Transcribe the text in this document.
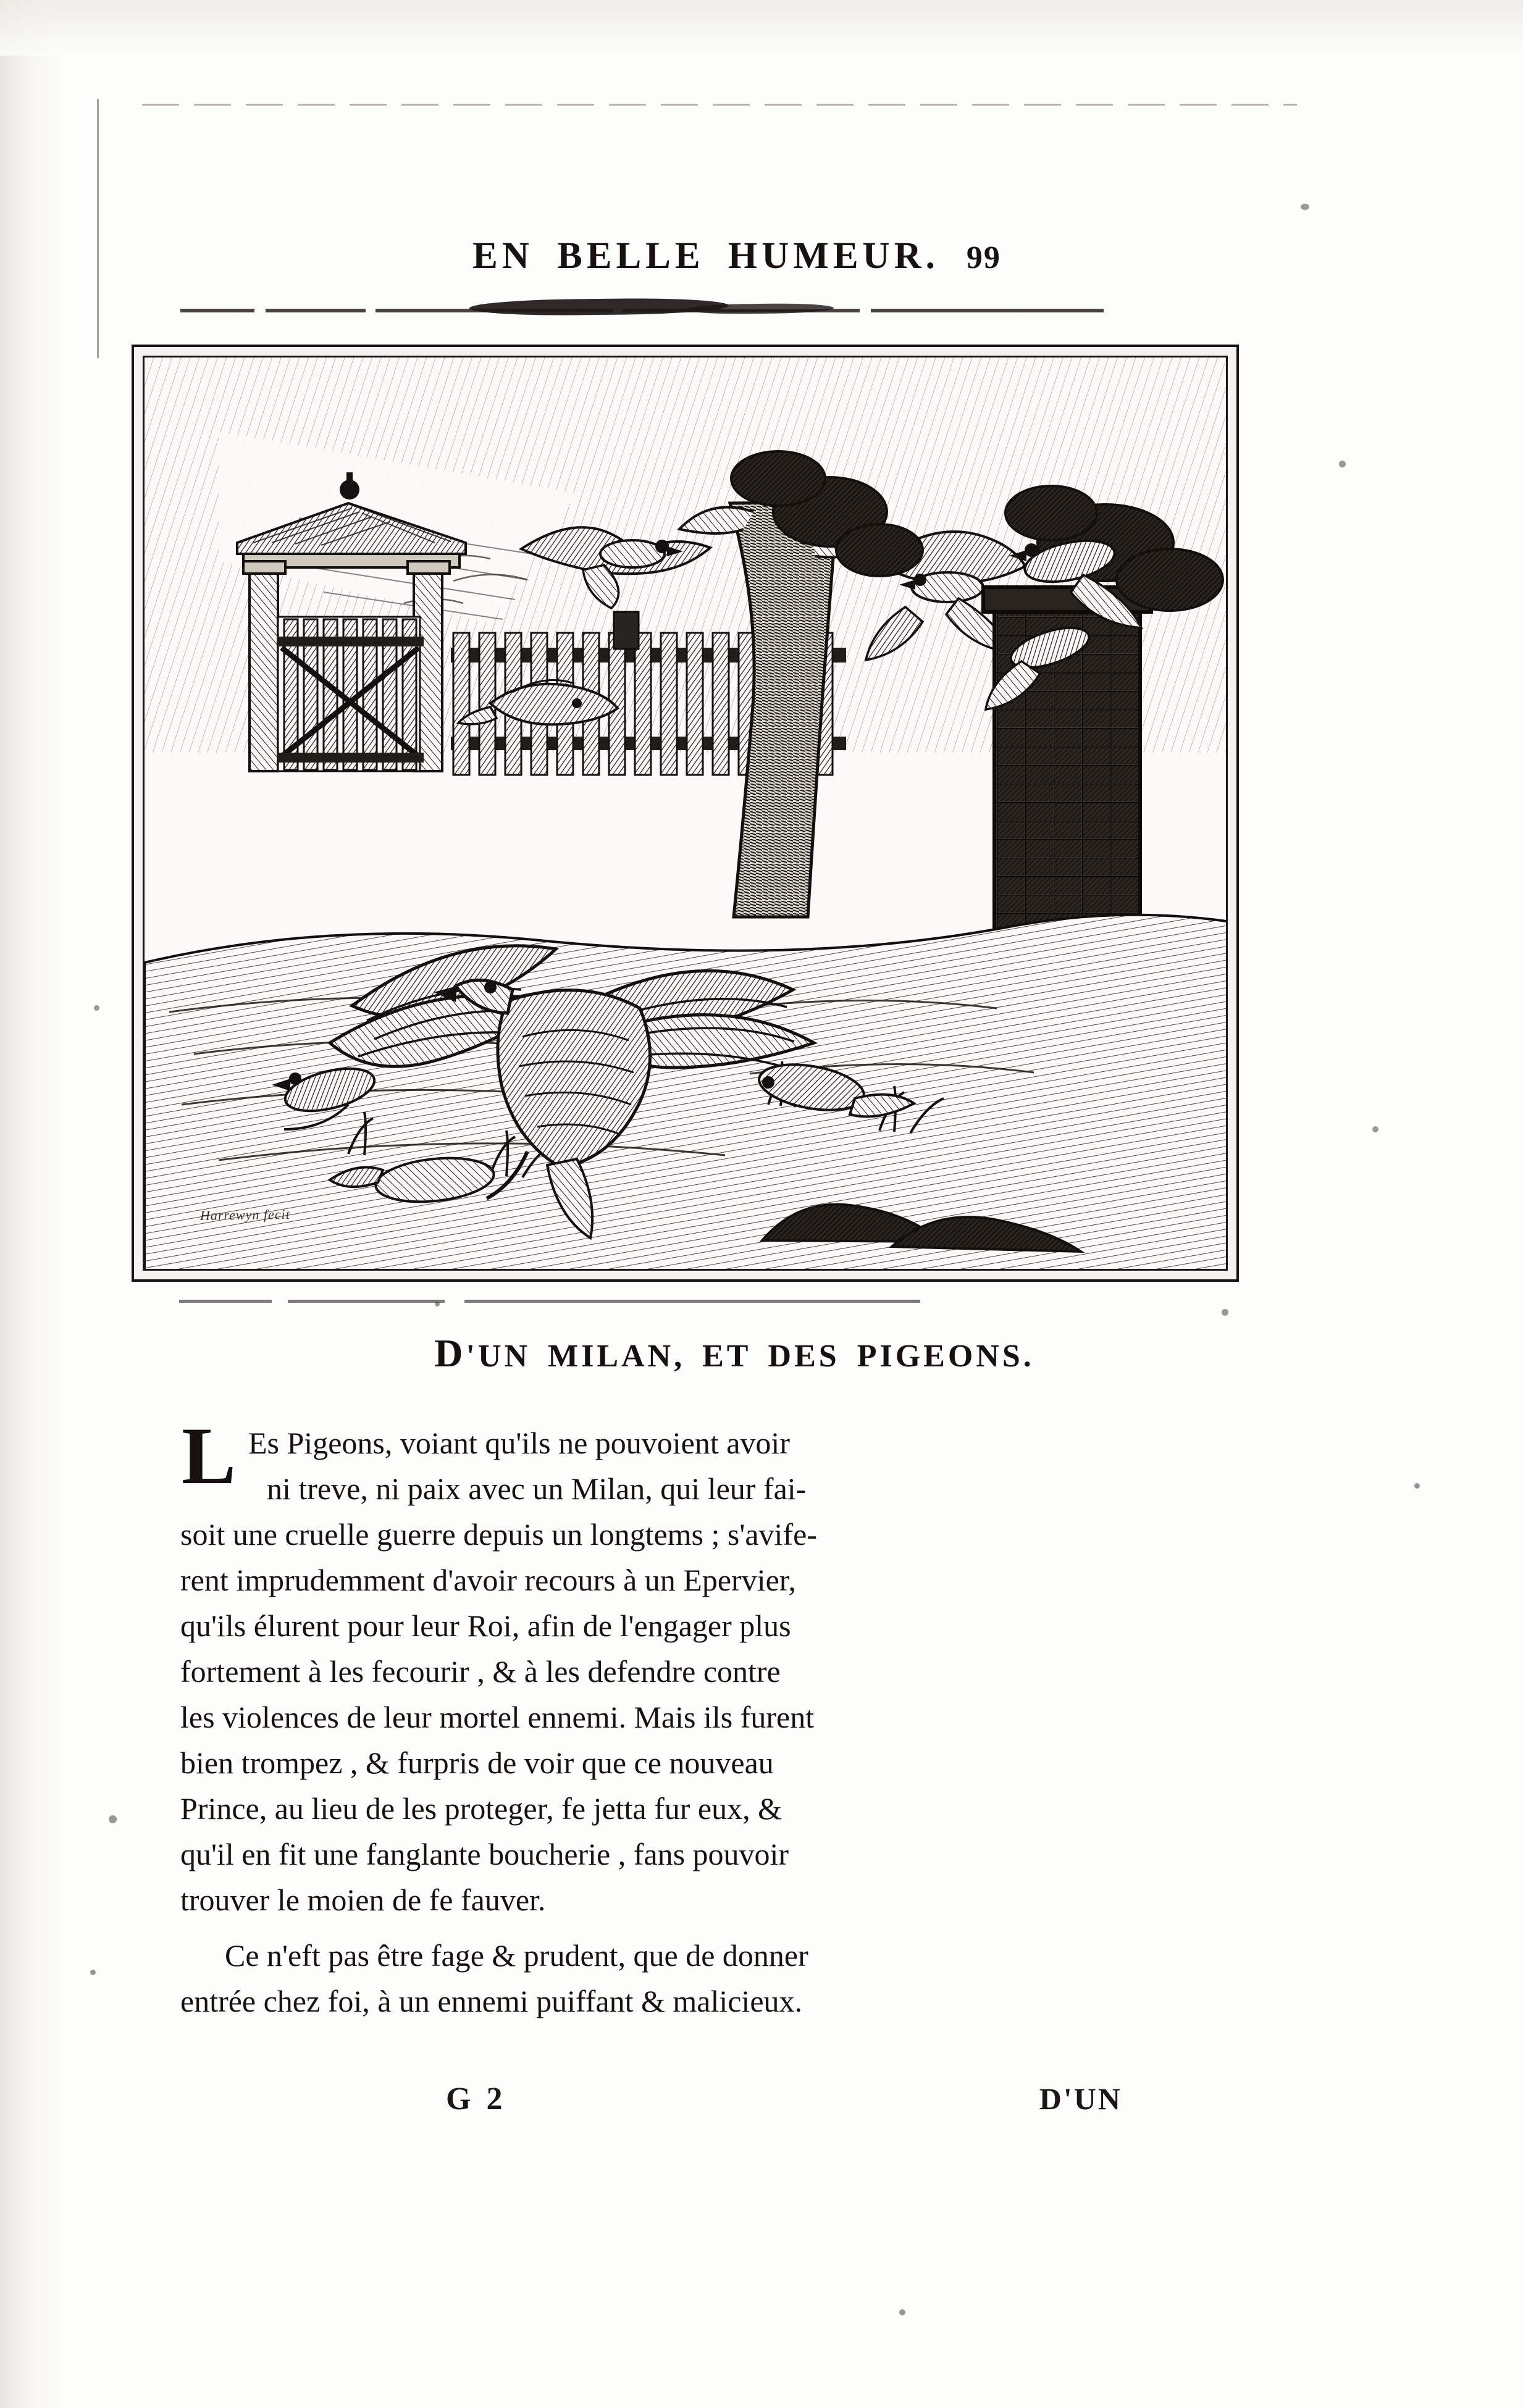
EN BELLE HUMEUR. 99
Harrewyn fecit
D'UN MILAN, ET DES PIGEONS.
L Es Pigeons, voiant qu'ils ne pouvoient avoir
ni treve, ni paix avec un Milan, qui leur fai-
soit une cruelle guerre depuis un longtems ; s'avife-
rent imprudemment d'avoir recours à un Epervier,
qu'ils élurent pour leur Roi, afin de l'engager plus
fortement à les fecourir , & à les defendre contre
les violences de leur mortel ennemi. Mais ils furent
bien trompez , & furpris de voir que ce nouveau
Prince, au lieu de les proteger, fe jetta fur eux, &
qu'il en fit une fanglante boucherie , fans pouvoir
trouver le moien de fe fauver.
Ce n'eft pas être fage & prudent, que de donner
entrée chez foi, à un ennemi puiffant & malicieux.
G 2	D'UN
